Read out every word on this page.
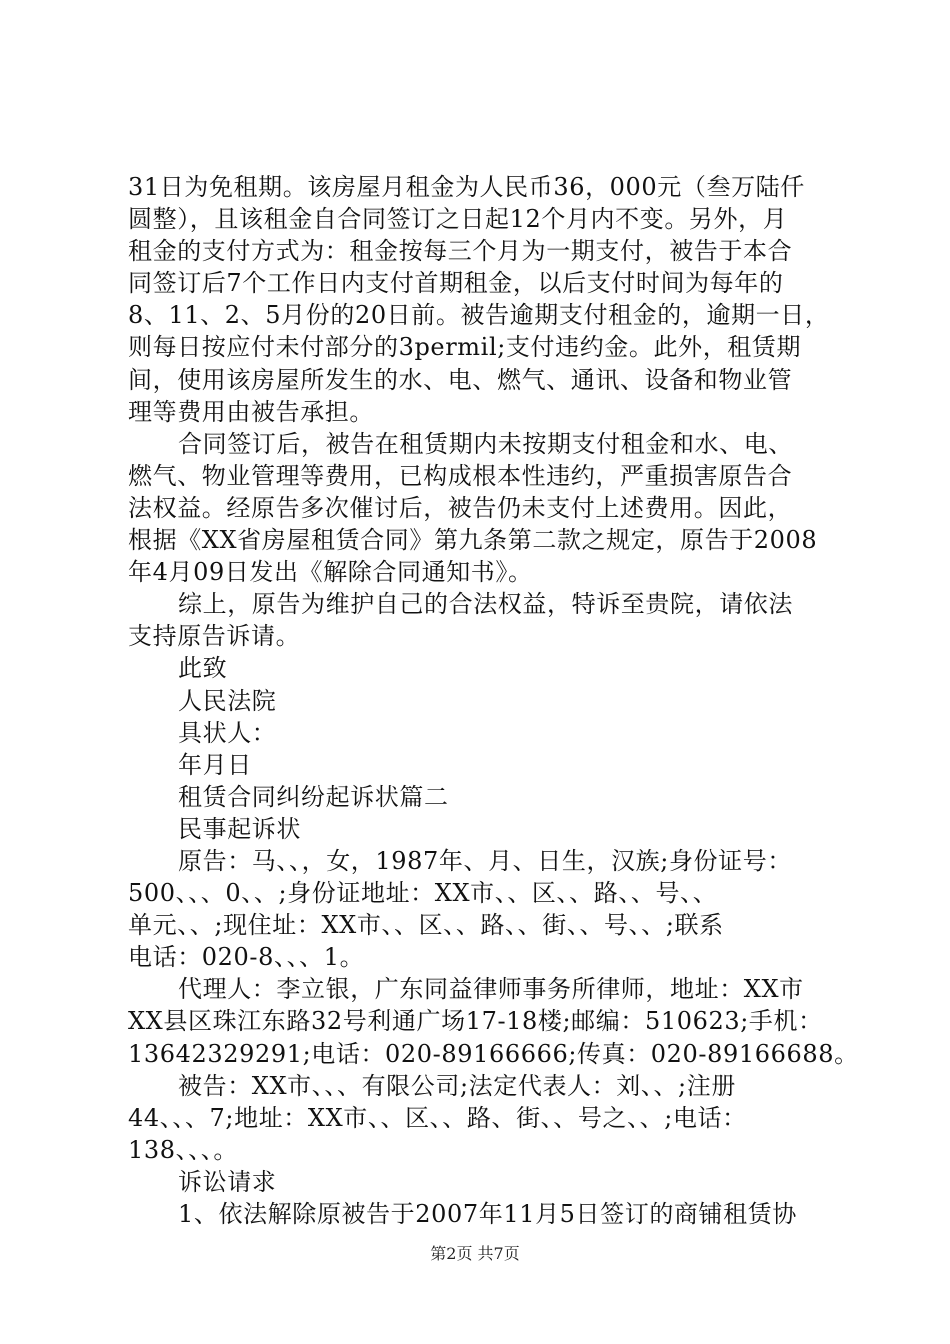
31日为免租期。该房屋月租金为人民币36，000元（叁万陆仟
圆整），且该租金自合同签订之日起12个月内不变。另外，月
租金的支付方式为：租金按每三个月为一期支付，被告于本合
同签订后7个工作日内支付首期租金，以后支付时间为每年的
8、11、2、5月份的20日前。被告逾期支付租金的，逾期一日，
则每日按应付未付部分的3permil;支付违约金。此外，租赁期
间，使用该房屋所发生的水、电、燃气、通讯、设备和物业管
理等费用由被告承担。
合同签订后，被告在租赁期内未按期支付租金和水、电、
燃气、物业管理等费用，已构成根本性违约，严重损害原告合
法权益。经原告多次催讨后，被告仍未支付上述费用。因此，
根据《XX省房屋租赁合同》第九条第二款之规定，原告于2008
年4月09日发出《解除合同通知书》。
综上，原告为维护自己的合法权益，特诉至贵院，请依法
支持原告诉请。
此致
人民法院
具状人：
年月日
租赁合同纠纷起诉状篇二
民事起诉状
原告：马、、，女，1987年、月、日生，汉族;身份证号：
500、、、0、、;身份证地址：XX市、、区、、路、、号、、
单元、、;现住址：XX市、、区、、路、、街、、号、、;联系
电话：020-8、、、1。
代理人：李立银，广东同益律师事务所律师，地址：XX市
XX县区珠江东路32号利通广场17-18楼;邮编：510623;手机：
13642329291;电话：020-89166666;传真：020-89166688。
被告：XX市、、、有限公司;法定代表人：刘、、;注册
44、、、7;地址：XX市、、区、、路、街、、号之、、;电话：
138、、、。
诉讼请求
1、依法解除原被告于2007年11月5日签订的商铺租赁协
第2页 共7页
